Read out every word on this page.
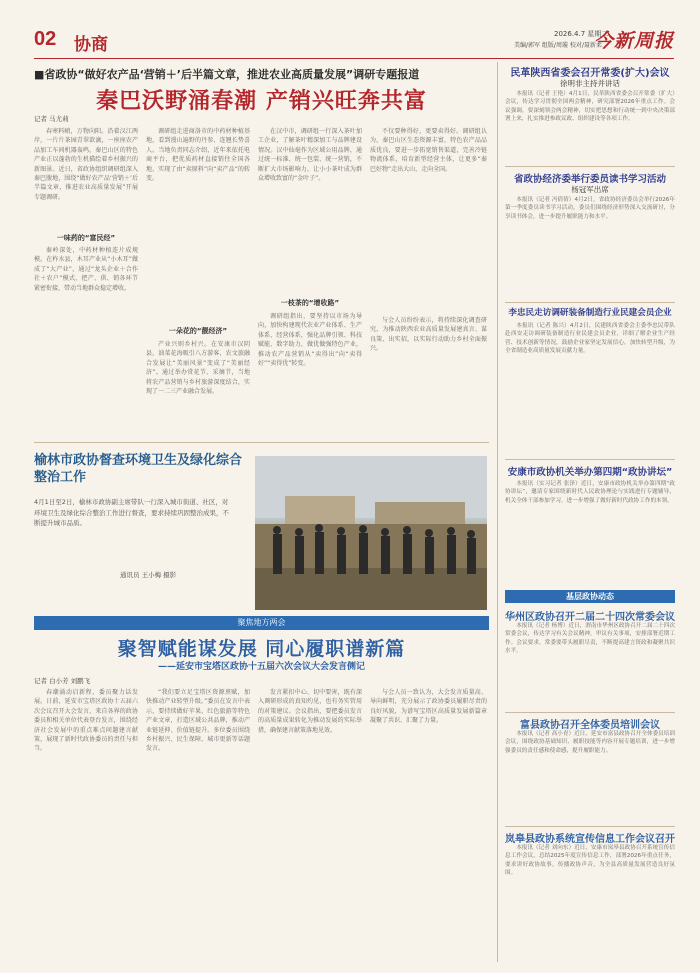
02 协商
2026.4.7 星期二
美编/郭军 组版/周璇 校对/聂新柔
今新周报
■省政协“做好农产品‘营销＋’后半篇文章，推进农业高质量发展”调研专题报道
秦巴沃野涌春潮 产销兴旺奔共富
记者 马尤莉

春寒料峭，万物向阳。沿着汉江两岸，一片片茶园青翠欲滴，一座座农产品加工车间机器轰鸣，秦巴山区的特色产业正以蓬勃的生机描绘着乡村振兴的新图景。近日，省政协组织调研组深入秦巴腹地，围绕“做好农产品‘营销＋’后半篇文章，推进农业高质量发展”开展专题调研。

一味药的“富民经”

秦岭深处，中药材种植连片成规模。在柞水县，木耳产业从“小木耳”做成了“大产业”，通过“龙头企业＋合作社＋农户”模式，把产、供、销各环节紧密衔接，带动当地群众稳定增收。

调研组走进商洛市的中药材种植基地，看到漫山遍野的丹参、连翘长势喜人。当地负责同志介绍，近年来依托电商平台，把优质药材直接销往全国各地，实现了由“卖原料”向“卖产品”的转变。

一朵花的“靓经济”

产业兴则乡村兴。在安康市汉阴县，油菜花海吸引八方游客，农文旅融合发展让“美丽风景”变成了“美丽经济”。通过举办赏花节、采摘节，当地将农产品营销与乡村旅游深度结合，实现了一二三产业融合发展。

在汉中市，调研组一行深入茶叶加工企业，了解茶叶精深加工与品牌建设情况。汉中仙毫作为区域公用品牌，通过统一标准、统一包装、统一营销，不断扩大市场影响力，让小小茶叶成为群众增收致富的“金叶子”。

一枝茶的“增收路”

调研组指出，要坚持以市场为导向，加快构建现代农业产业体系、生产体系、经营体系，强化品牌引领、科技赋能、数字助力，做优做强特色产业，推动农产品营销从“卖得出”向“卖得好”“卖得优”转变。

不仅要种得好，更要卖得好。调研组认为，秦巴山区生态资源丰富，特色农产品品质优良，要进一步拓宽销售渠道，完善冷链物流体系，培育新型经营主体，让更多“秦巴好物”走出大山、走向全国。

与会人员纷纷表示，将持续深化调查研究，为推动陕西农业高质量发展建真言、谋良策、出实招，以实际行动助力乡村全面振兴。

榆林市政协督查环境卫生及绿化综合整治工作
4月1日至2日，榆林市政协副主席带队一行深入城市街道、社区，对环境卫生及绿化综合整治工作进行督查，要求持续巩固整治成果，不断提升城市品质。
通讯员 王小梅 摄影
聚焦地方两会
聚智赋能谋发展 同心履职谱新篇
——延安市宝塔区政协十五届六次会议大会发言侧记
记者 白小芳 刘鹏飞

春潮涌动启新程，委员聚力话发展。日前，延安市宝塔区政协十五届六次会议召开大会发言，来自各界的政协委员和相关单位代表登台发言，围绕经济社会发展中的重点难点问题建言献策，展现了新时代政协委员的责任与担当。

“我们要立足宝塔区资源禀赋，加快推动产业转型升级。”委员在发言中表示，要持续做好苹果、红色旅游等特色产业文章，打造区域公共品牌，推动产业链延伸、价值链提升。多位委员围绕乡村振兴、民生保障、城市更新等话题发言。

发言紧扣中心、切中要害，既有深入调研形成的真知灼见，也有务实管用的对策建议。会议指出，要把委员发言的高质量成果转化为推动发展的实际举措，确保建言献策落地见效。

与会人员一致认为，大会发言质量高、导向鲜明，充分展示了政协委员履职尽责的良好风貌，为谱写宝塔区高质量发展新篇章凝聚了共识、汇聚了力量。

民革陕西省委会召开常委(扩大)会议
徐明非主持并讲话

本报讯（记者 王艳）4月1日，民革陕西省委会召开常委（扩大）会议，传达学习贯彻全国两会精神，研究部署2026年重点工作。会议强调，要深刻领会两会精神，切实把思想和行动统一到中央决策部署上来，扎实推进参政议政、组织建设等各项工作。

省政协经济委举行委员读书学习活动
杨冠军出席

本报讯（记者 冯倩倩）4月2日，省政协经济委员会举行2026年第一季度委员读书学习活动，委员们围绕经济形势深入交流研讨，分享读书体会，进一步提升履职能力和水平。

李忠民走访调研装备制造行业民建会员企业

本报讯（记者 陈兴）4月2日，民建陕西省委会主委李忠民带队赴西安走访调研装备制造行业民建会员企业，详细了解企业生产经营、技术创新等情况，鼓励企业家坚定发展信心，加快转型升级，为全省制造业高质量发展贡献力量。

安康市政协机关举办第四期“政协讲坛”

本报讯（实习记者 张泽）近日，安康市政协机关举办第四期“政协讲坛”，邀请专家围绕新时代人民政协理论与实践进行专题辅导，机关全体干部参加学习，进一步增强了做好新时代政协工作的本领。

基层政协动态
华州区政协召开二届二十四次常委会议

本报讯（记者 杨博）近日，渭南市华州区政协召开二届二十四次常委会议，传达学习有关会议精神，审议有关事项，安排部署近期工作。会议要求，常委要带头履职尽责，不断提高建言资政和凝聚共识水平。

富县政协召开全体委员培训会议

本报讯（记者 高小青）近日，延安市富县政协召开全体委员培训会议，围绕政协基础知识、履职技能等内容开展专题培训，进一步增强委员的责任感和使命感，提升履职能力。

岚皋县政协系统宣传信息工作会议召开

本报讯（记者 刘向东）近日，安康市岚皋县政协召开系统宣传信息工作会议，总结2025年度宣传信息工作，部署2026年重点任务，要求讲好政协故事，传播政协声音，为全县高质量发展营造良好氛围。
